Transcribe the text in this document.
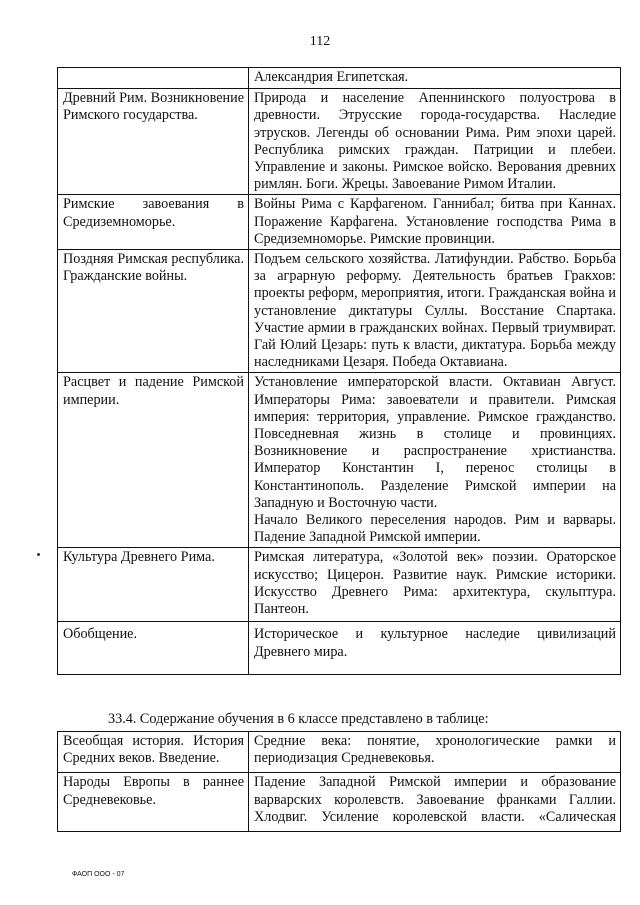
112

	Александрия Египетская.

Древний Рим. Возникновение Римского государства.	Природа и население Апеннинского полуострова в древности. Этрусские города-государства. Наследие этрусков. Легенды об основании Рима. Рим эпохи царей. Республика римских граждан. Патриции и плебеи. Управление и законы. Римское войско. Верования древних римлян. Боги. Жрецы. Завоевание Римом Италии.

Римские завоевания в Средиземноморье.	Войны Рима с Карфагеном. Ганнибал; битва при Каннах. Поражение Карфагена. Установление господства Рима в Средиземноморье. Римские провинции.

Поздняя Римская республика. Гражданские войны.	Подъем сельского хозяйства. Латифундии. Рабство. Борьба за аграрную реформу. Деятельность братьев Гракхов: проекты реформ, мероприятия, итоги. Гражданская война и установление диктатуры Суллы. Восстание Спартака. Участие армии в гражданских войнах. Первый триумвират. Гай Юлий Цезарь: путь к власти, диктатура. Борьба между наследниками Цезаря. Победа Октавиана.

Расцвет и падение Римской империи.	Установление императорской власти. Октавиан Август. Императоры Рима: завоеватели и правители. Римская империя: территория, управление. Римское гражданство. Повседневная жизнь в столице и провинциях. Возникновение и распространение христианства. Император Константин I, перенос столицы в Константинополь. Разделение Римской империи на Западную и Восточную части.
Начало Великого переселения народов. Рим и варвары. Падение Западной Римской империи.

Культура Древнего Рима.	Римская литература, «Золотой век» поэзии. Ораторское искусство; Цицерон. Развитие наук. Римские историки. Искусство Древнего Рима: архитектура, скульптура. Пантеон.

Обобщение.	Историческое и культурное наследие цивилизаций Древнего мира.
33.4. Содержание обучения в 6 классе представлено в таблице:
Всеобщая история. История Средних веков. Введение.	Средние века: понятие, хронологические рамки и периодизация Средневековья.

Народы Европы в раннее Средневековье.	Падение Западной Римской империи и образование варварских королевств. Завоевание франками Галлии. Хлодвиг. Усиление королевской власти. «Салическая
ФАОП ООО - 07
